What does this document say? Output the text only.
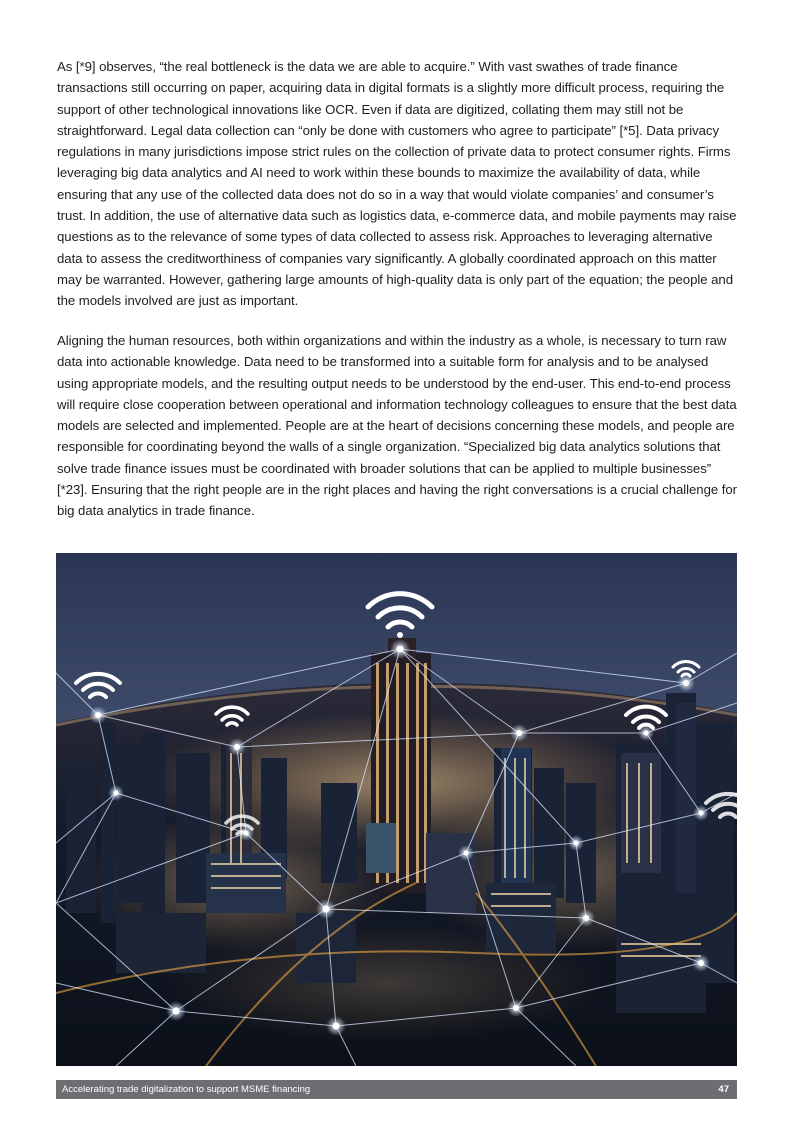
As [*9] observes, “the real bottleneck is the data we are able to acquire.” With vast swathes of trade finance transactions still occurring on paper, acquiring data in digital formats is a slightly more difficult process, requiring the support of other technological innovations like OCR. Even if data are digitized, collating them may still not be straightforward. Legal data collection can “only be done with customers who agree to participate” [*5]. Data privacy regulations in many jurisdictions impose strict rules on the collection of private data to protect consumer rights. Firms leveraging big data analytics and AI need to work within these bounds to maximize the availability of data, while ensuring that any use of the collected data does not do so in a way that would violate companies’ and consumer’s trust. In addition, the use of alternative data such as logistics data, e-commerce data, and mobile payments may raise questions as to the relevance of some types of data collected to assess risk. Approaches to leveraging alternative data to assess the creditworthiness of companies vary significantly. A globally coordinated approach on this matter may be warranted. However, gathering large amounts of high-quality data is only part of the equation; the people and the models involved are just as important.

Aligning the human resources, both within organizations and within the industry as a whole, is necessary to turn raw data into actionable knowledge. Data need to be transformed into a suitable form for analysis and to be analysed using appropriate models, and the resulting output needs to be understood by the end-user. This end-to-end process will require close cooperation between operational and information technology colleagues to ensure that the best data models are selected and implemented. People are at the heart of decisions concerning these models, and people are responsible for coordinating beyond the walls of a single organization. “Specialized big data analytics solutions that solve trade finance issues must be coordinated with broader solutions that can be applied to multiple businesses” [*23]. Ensuring that the right people are in the right places and having the right conversations is a crucial challenge for big data analytics in trade finance.

Accelerating trade digitalization to support MSME financing	47
